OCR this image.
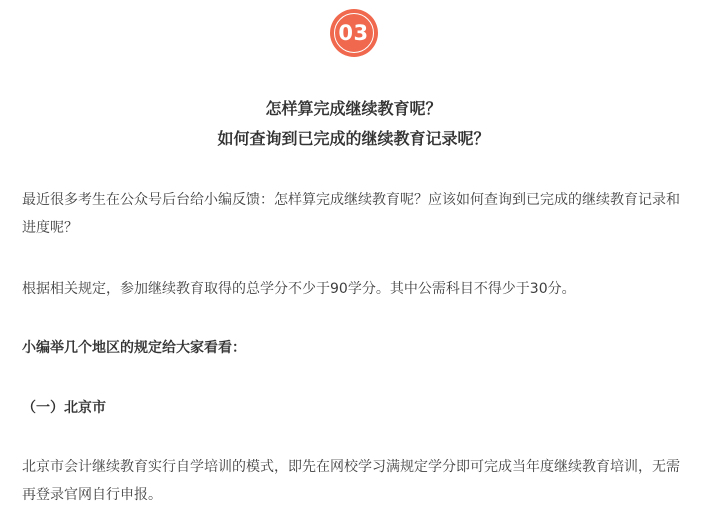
03
怎样算完成继续教育呢？
如何查询到已完成的继续教育记录呢？

最近很多考生在公众号后台给小编反馈：怎样算完成继续教育呢？应该如何查询到已完成的继续教育记录和进度呢？

根据相关规定，参加继续教育取得的总学分不少于90学分。其中公需科目不得少于30分。

小编举几个地区的规定给大家看看：

（一）北京市

北京市会计继续教育实行自学培训的模式，即先在网校学习满规定学分即可完成当年度继续教育培训，无需再登录官网自行申报。
